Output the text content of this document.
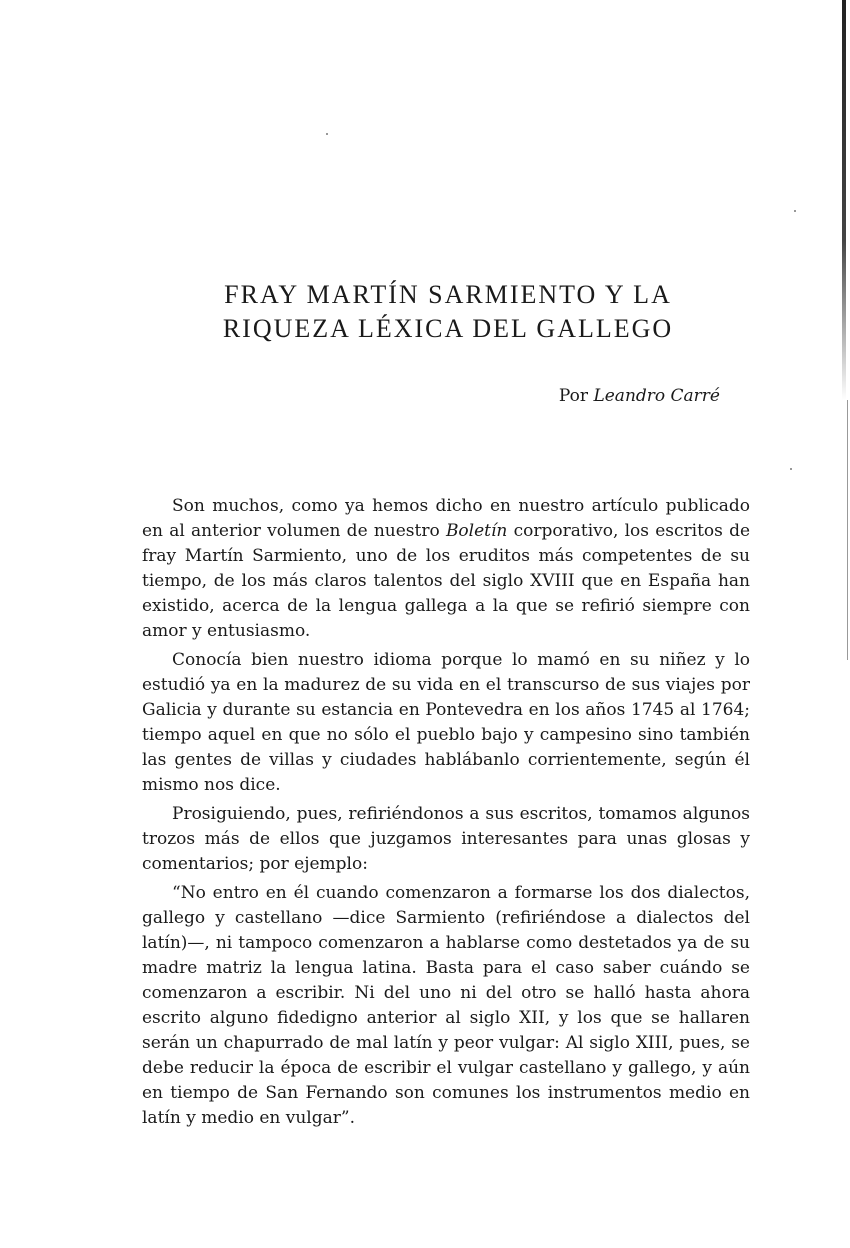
FRAY MARTÍN SARMIENTO Y LA
RIQUEZA LÉXICA DEL GALLEGO

Por Leandro Carré

Son muchos, como ya hemos dicho en nuestro artículo publicado en al anterior volumen de nuestro Boletín corporativo, los escritos de fray Martín Sarmiento, uno de los eruditos más competentes de su tiempo, de los más claros talentos del siglo XVIII que en España han existido, acerca de la lengua gallega a la que se refirió siempre con amor y entusiasmo.

Conocía bien nuestro idioma porque lo mamó en su niñez y lo estudió ya en la madurez de su vida en el transcurso de sus viajes por Galicia y durante su estancia en Pontevedra en los años 1745 al 1764; tiempo aquel en que no sólo el pueblo bajo y campesino sino también las gentes de villas y ciudades hablábanlo corrientemente, según él mismo nos dice.

Prosiguiendo, pues, refiriéndonos a sus escritos, tomamos algunos trozos más de ellos que juzgamos interesantes para unas glosas y comentarios; por ejemplo:

“No entro en él cuando comenzaron a formarse los dos dialectos, gallego y castellano —dice Sarmiento (refiriéndose a dialectos del latín)—, ni tampoco comenzaron a hablarse como destetados ya de su madre matriz la lengua latina. Basta para el caso saber cuándo se comenzaron a escribir. Ni del uno ni del otro se halló hasta ahora escrito alguno fidedigno anterior al siglo XII, y los que se hallaren serán un chapurrado de mal latín y peor vulgar: Al siglo XIII, pues, se debe reducir la época de escribir el vulgar castellano y gallego, y aún en tiempo de San Fernando son comunes los instrumentos medio en latín y medio en vulgar”.
